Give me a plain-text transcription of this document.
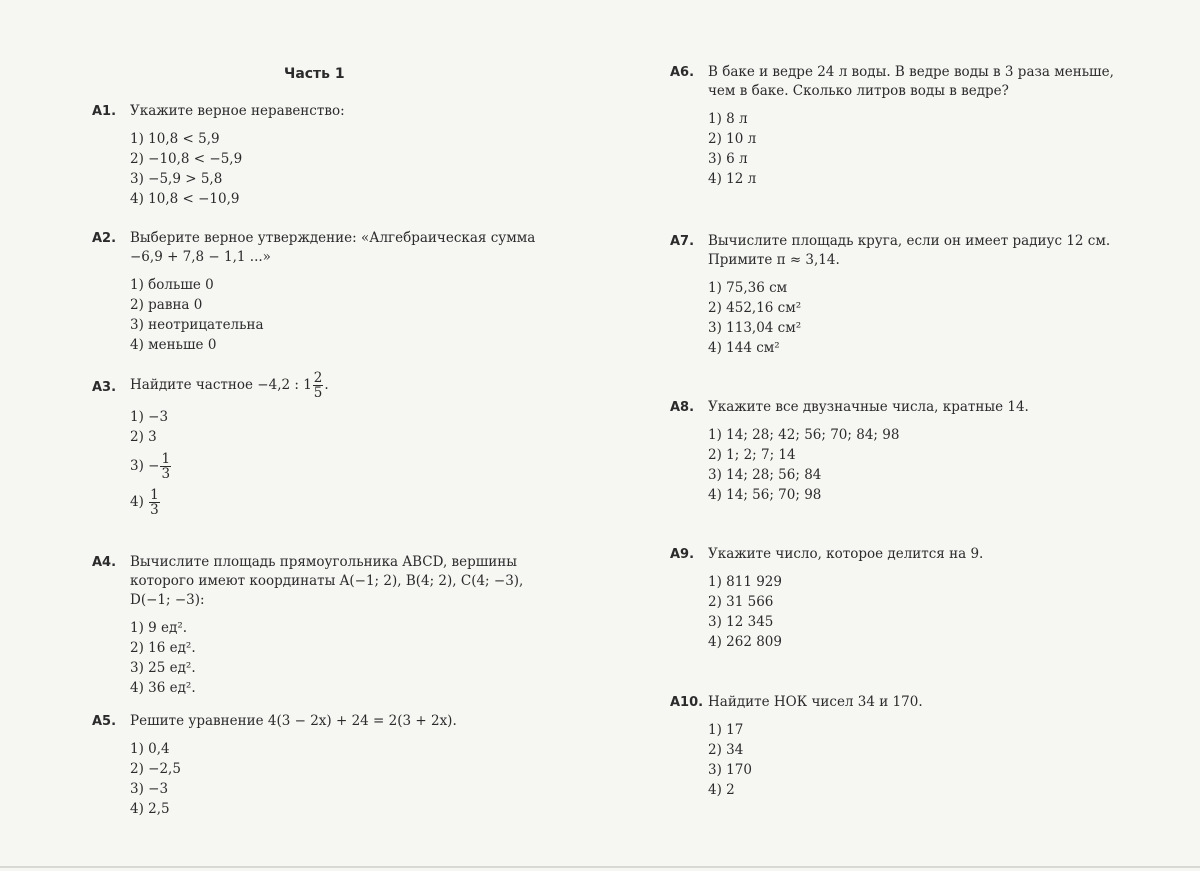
Часть 1
A1. Укажите верное неравенство:
1) 10,8 < 5,9
2) −10,8 < −5,9
3) −5,9 > 5,8
4) 10,8 < −10,9
A2. Выберите верное утверждение: «Алгебраическая сумма
−6,9 + 7,8 − 1,1 ...»
1) больше 0
2) равна 0
3) неотрицательна
4) меньше 0
A3. Найдите частное −4,2 : $1 \frac{2}{5}$ .
1) −3
2) 3
$3) - \frac{1}{3}$
4)
$\frac{1}{3}$
A4. Вычислите площадь прямоугольника ABCD, вершины
которого имеют координаты A(−1; 2), B(4; 2), C(4; −3),
D(−1; −3):
1) 9 ед².
2) 16 ед².
3) 25 ед².
4) 36 ед².
A5. Решите уравнение 4(3 − 2x) + 24 = 2(3 + 2x).
1) 0,4
2) −2,5
3) −3
4) 2,5
A6. В баке и ведре 24 л воды. В ведре воды в 3 раза меньше,
чем в баке. Сколько литров воды в ведре?
1) 8 л
2) 10 л
3) 6 л
4) 12 л
A7. Вычислите площадь круга, если он имеет радиус 12 см.
Примите π ≈ 3,14.
1) 75,36 см
2) 452,16 см²
3) 113,04 см²
4) 144 см²
A8. Укажите все двузначные числа, кратные 14.
1) 14; 28; 42; 56; 70; 84; 98
2) 1; 2; 7; 14
3) 14; 28; 56; 84
4) 14; 56; 70; 98
A9. Укажите число, которое делится на 9.
1) 811 929
2) 31 566
3) 12 345
4) 262 809
A10. Найдите НОК чисел 34 и 170.
1) 17
2) 34
3) 170
4) 2
